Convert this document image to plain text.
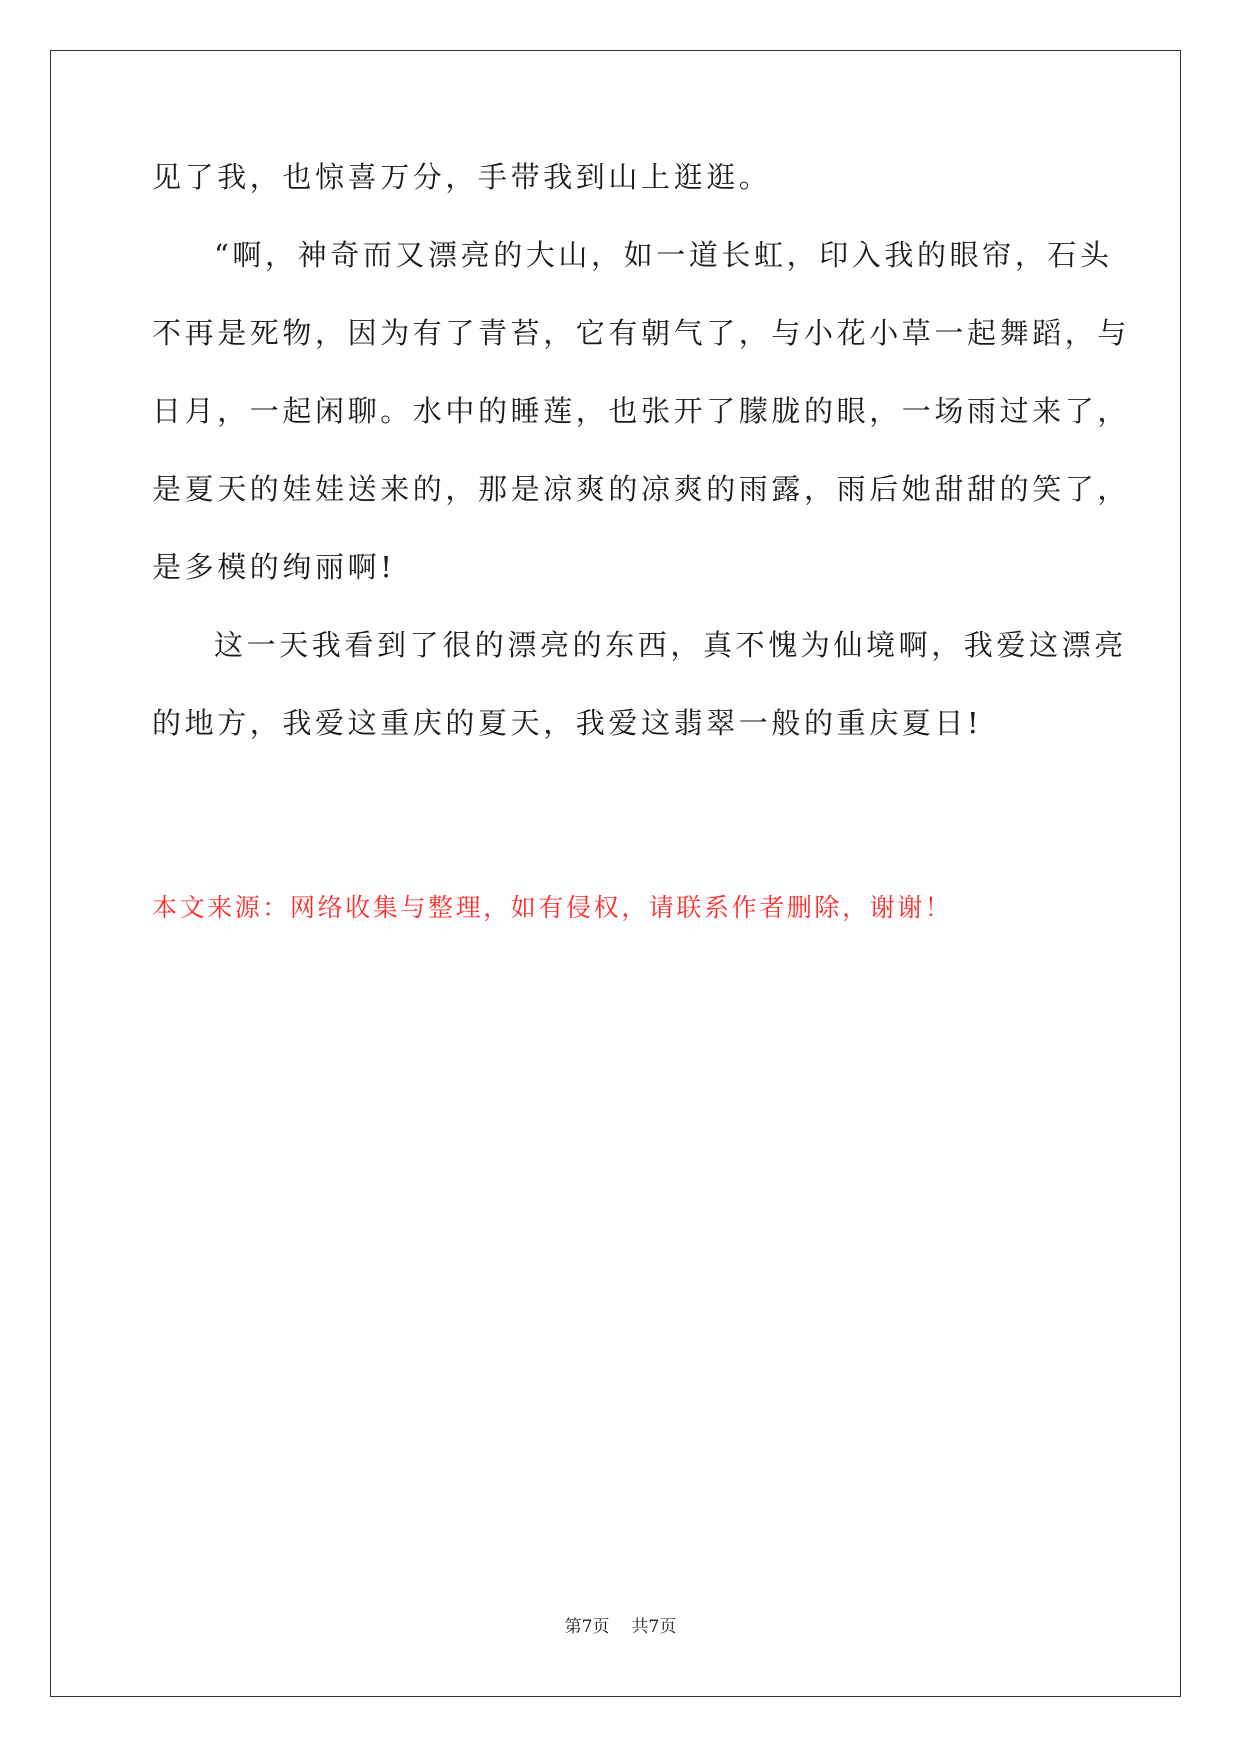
见了我，也惊喜万分，手带我到山上逛逛。
“啊，神奇而又漂亮的大山，如一道长虹，印入我的眼帘，石头
不再是死物，因为有了青苔，它有朝气了，与小花小草一起舞蹈，与
日月，一起闲聊。水中的睡莲，也张开了朦胧的眼，一场雨过来了，
是夏天的娃娃送来的，那是凉爽的凉爽的雨露，雨后她甜甜的笑了，
是多模的绚丽啊!
这一天我看到了很的漂亮的东西，真不愧为仙境啊，我爱这漂亮
的地方，我爱这重庆的夏天，我爱这翡翠一般的重庆夏日!
本文来源：网络收集与整理，如有侵权，请联系作者删除，谢谢！
第7页 共7页
